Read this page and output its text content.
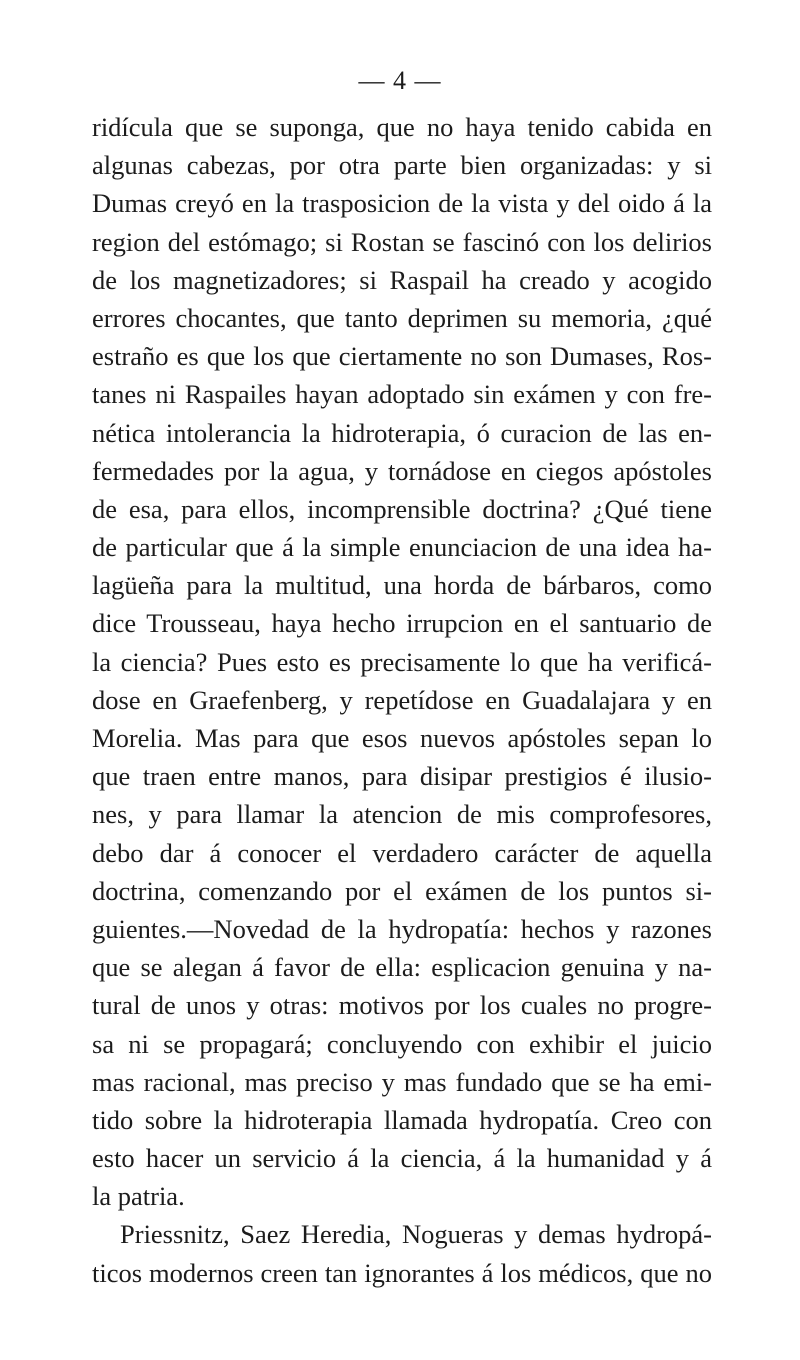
— 4 —
ridícula que se suponga, que no haya tenido cabida en
algunas cabezas, por otra parte bien organizadas: y si
Dumas creyó en la trasposicion de la vista y del oido á la
region del estómago; si Rostan se fascinó con los delirios
de los magnetizadores; si Raspail ha creado y acogido
errores chocantes, que tanto deprimen su memoria, ¿qué
estraño es que los que ciertamente no son Dumases, Ros-
tanes ni Raspailes hayan adoptado sin exámen y con fre-
nética intolerancia la hidroterapia, ó curacion de las en-
fermedades por la agua, y tornádose en ciegos apóstoles
de esa, para ellos, incomprensible doctrina? ¿Qué tiene
de particular que á la simple enunciacion de una idea ha-
lagüeña para la multitud, una horda de bárbaros, como
dice Trousseau, haya hecho irrupcion en el santuario de
la ciencia? Pues esto es precisamente lo que ha verificá-
dose en Graefenberg, y repetídose en Guadalajara y en
Morelia. Mas para que esos nuevos apóstoles sepan lo
que traen entre manos, para disipar prestigios é ilusio-
nes, y para llamar la atencion de mis comprofesores,
debo dar á conocer el verdadero carácter de aquella
doctrina, comenzando por el exámen de los puntos si-
guientes.—Novedad de la hydropatía: hechos y razones
que se alegan á favor de ella: esplicacion genuina y na-
tural de unos y otras: motivos por los cuales no progre-
sa ni se propagará; concluyendo con exhibir el juicio
mas racional, mas preciso y mas fundado que se ha emi-
tido sobre la hidroterapia llamada hydropatía. Creo con
esto hacer un servicio á la ciencia, á la humanidad y á
la patria.
Priessnitz, Saez Heredia, Nogueras y demas hydropá-
ticos modernos creen tan ignorantes á los médicos, que no
